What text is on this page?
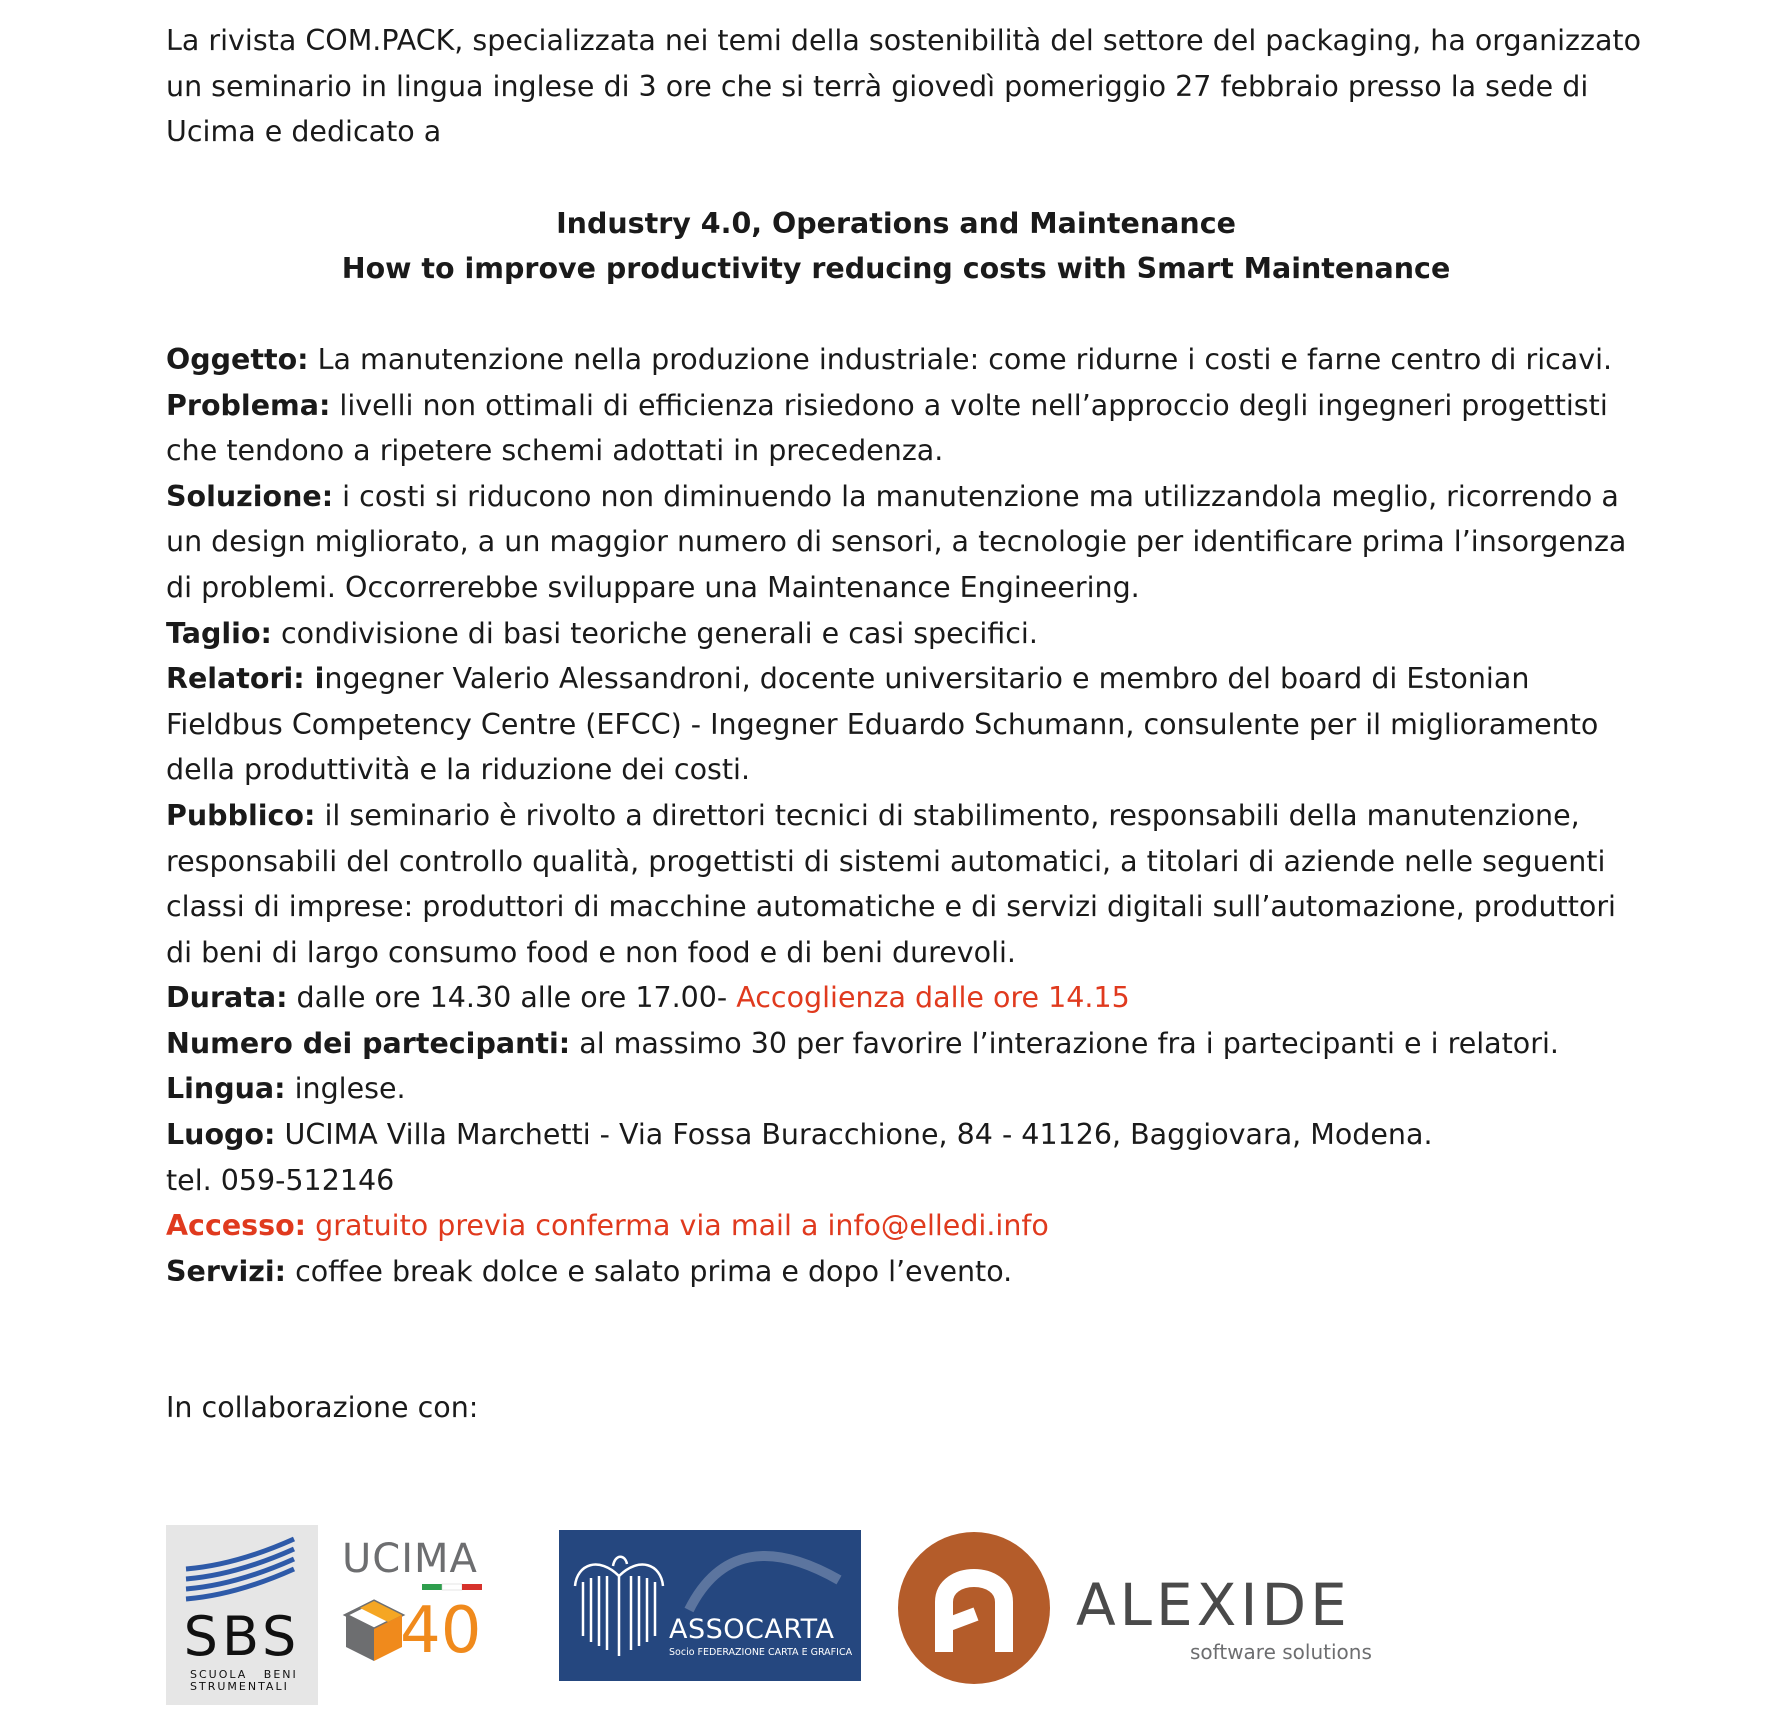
La rivista COM.PACK, specializzata nei temi della sostenibilità del settore del packaging, ha organizzato un seminario in lingua inglese di 3 ore che si terrà giovedì pomeriggio 27 febbraio presso la sede di Ucima e dedicato a

Industry 4.0, Operations and Maintenance

How to improve productivity reducing costs with Smart Maintenance

Oggetto: La manutenzione nella produzione industriale: come ridurne i costi e farne centro di ricavi.

Problema: livelli non ottimali di efficienza risiedono a volte nell’approccio degli ingegneri progettisti che tendono a ripetere schemi adottati in precedenza.

Soluzione: i costi si riducono non diminuendo la manutenzione ma utilizzandola meglio, ricorrendo a un design migliorato, a un maggior numero di sensori, a tecnologie per identificare prima l’insorgenza di problemi. Occorrerebbe sviluppare una Maintenance Engineering.

Taglio: condivisione di basi teoriche generali e casi specifici.

Relatori: ingegner Valerio Alessandroni, docente universitario e membro del board di Estonian Fieldbus Competency Centre (EFCC) - Ingegner Eduardo Schumann, consulente per il miglioramento della produttività e la riduzione dei costi.

Pubblico: il seminario è rivolto a direttori tecnici di stabilimento, responsabili della manutenzione, responsabili del controllo qualità, progettisti di sistemi automatici, a titolari di aziende nelle seguenti classi di imprese: produttori di macchine automatiche e di servizi digitali sull’automazione, produttori di beni di largo consumo food e non food e di beni durevoli.

Durata: dalle ore 14.30 alle ore 17.00- Accoglienza dalle ore 14.15

Numero dei partecipanti: al massimo 30 per favorire l’interazione fra i partecipanti e i relatori.

Lingua: inglese.

Luogo: UCIMA Villa Marchetti - Via Fossa Buracchione, 84 - 41126, Baggiovara, Modena.

tel. 059-512146

Accesso: gratuito previa conferma via mail a info@elledi.info

Servizi: coffee break dolce e salato prima e dopo l’evento.

In collaborazione con:

SBS
SCUOLA   BENI
STRUMENTALI
UCIMA
40	ASSOCARTA
Socio FEDERAZIONE CARTA E GRAFICA
ALEXIDE
software solutions
